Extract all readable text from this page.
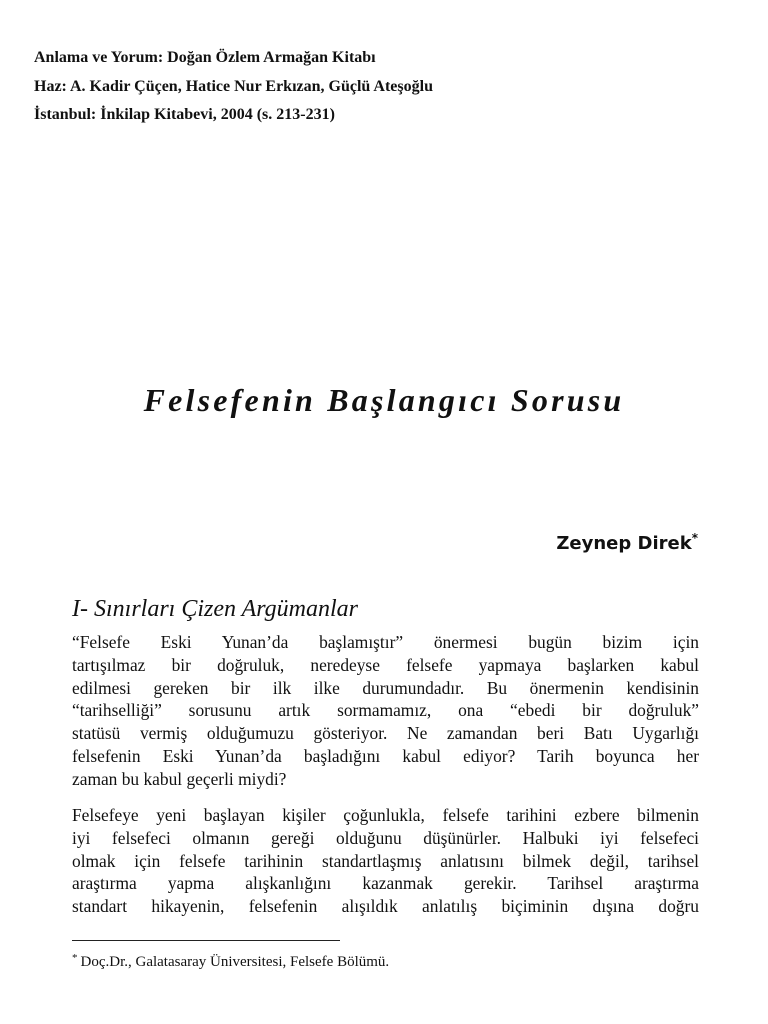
Anlama ve Yorum: Doğan Özlem Armağan Kitabı
Haz: A. Kadir Çüçen, Hatice Nur Erkızan, Güçlü Ateşoğlu
İstanbul: İnkilap Kitabevi, 2004 (s. 213-231)
Felsefenin Başlangıcı Sorusu
Zeynep Direk*
I- Sınırları Çizen Argümanlar
“Felsefe Eski Yunan’da başlamıştır” önermesi bugün bizim için
tartışılmaz bir doğruluk, neredeyse felsefe yapmaya başlarken kabul
edilmesi gereken bir ilk ilke durumundadır. Bu önermenin kendisinin
“tarihselliği” sorusunu artık sormamamız, ona “ebedi bir doğruluk”
statüsü vermiş olduğumuzu gösteriyor. Ne zamandan beri Batı Uygarlığı
felsefenin Eski Yunan’da başladığını kabul ediyor? Tarih boyunca her
zaman bu kabul geçerli miydi?
Felsefeye yeni başlayan kişiler çoğunlukla, felsefe tarihini ezbere bilmenin
iyi felsefeci olmanın gereği olduğunu düşünürler. Halbuki iyi felsefeci
olmak için felsefe tarihinin standartlaşmış anlatısını bilmek değil, tarihsel
araştırma yapma alışkanlığını kazanmak gerekir. Tarihsel araştırma
standart hikayenin, felsefenin alışıldık anlatılış biçiminin dışına doğru
* Doç.Dr., Galatasaray Üniversitesi, Felsefe Bölümü.
